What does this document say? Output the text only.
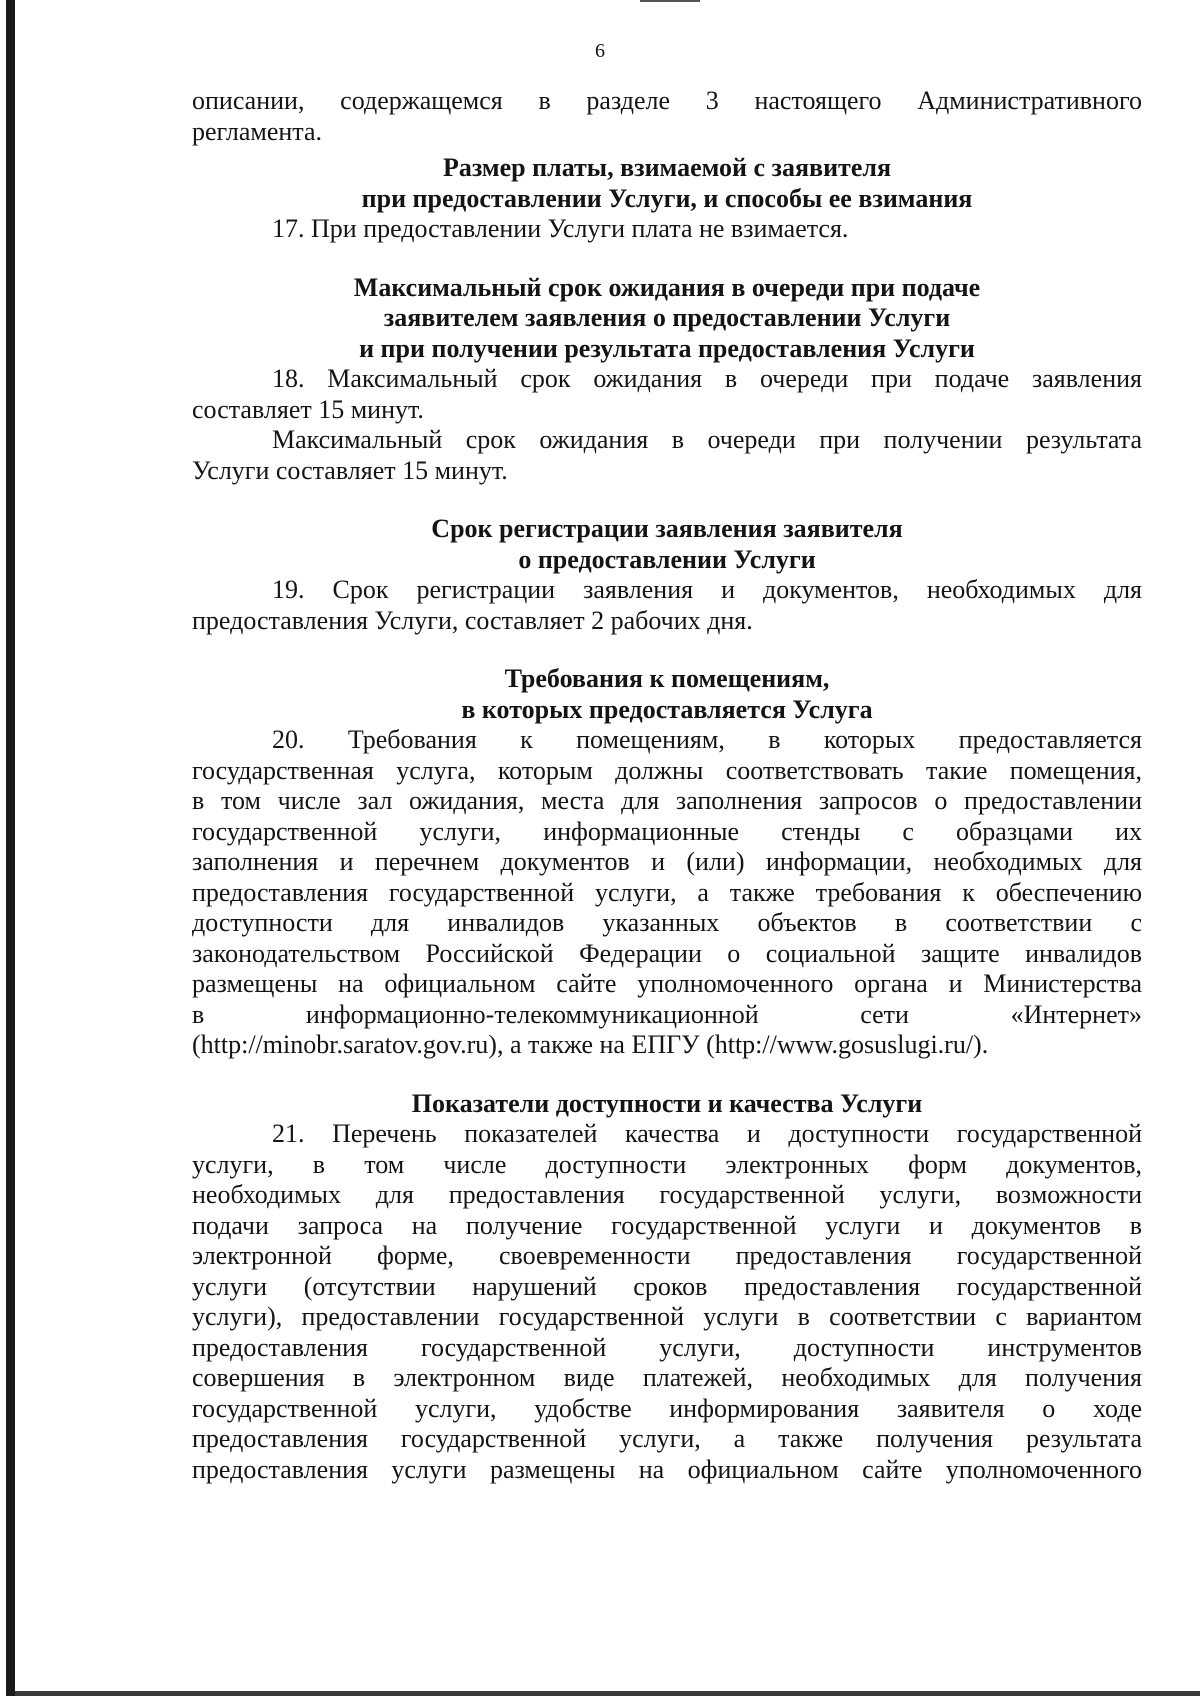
6
описании, содержащемся в разделе 3 настоящего Административного
регламента.
Размер платы, взимаемой с заявителя
при предоставлении Услуги, и способы ее взимания
17. При предоставлении Услуги плата не взимается.
Максимальный срок ожидания в очереди при подаче
заявителем заявления о предоставлении Услуги
и при получении результата предоставления Услуги
18. Максимальный срок ожидания в очереди при подаче заявления
составляет 15 минут.
Максимальный срок ожидания в очереди при получении результата
Услуги составляет 15 минут.
Срок регистрации заявления заявителя
о предоставлении Услуги
19. Срок регистрации заявления и документов, необходимых для
предоставления Услуги, составляет 2 рабочих дня.
Требования к помещениям,
в которых предоставляется Услуга
20. Требования к помещениям, в которых предоставляется
государственная услуга, которым должны соответствовать такие помещения,
в том числе зал ожидания, места для заполнения запросов о предоставлении
государственной услуги, информационные стенды с образцами их
заполнения и перечнем документов и (или) информации, необходимых для
предоставления государственной услуги, а также требования к обеспечению
доступности для инвалидов указанных объектов в соответствии с
законодательством Российской Федерации о социальной защите инвалидов
размещены на официальном сайте уполномоченного органа и Министерства
в информационно-телекоммуникационной сети «Интернет»
(http://minobr.saratov.gov.ru), а также на ЕПГУ (http://www.gosuslugi.ru/).
Показатели доступности и качества Услуги
21. Перечень показателей качества и доступности государственной
услуги, в том числе доступности электронных форм документов,
необходимых для предоставления государственной услуги, возможности
подачи запроса на получение государственной услуги и документов в
электронной форме, своевременности предоставления государственной
услуги (отсутствии нарушений сроков предоставления государственной
услуги), предоставлении государственной услуги в соответствии с вариантом
предоставления государственной услуги, доступности инструментов
совершения в электронном виде платежей, необходимых для получения
государственной услуги, удобстве информирования заявителя о ходе
предоставления государственной услуги, а также получения результата
предоставления услуги размещены на официальном сайте уполномоченного
